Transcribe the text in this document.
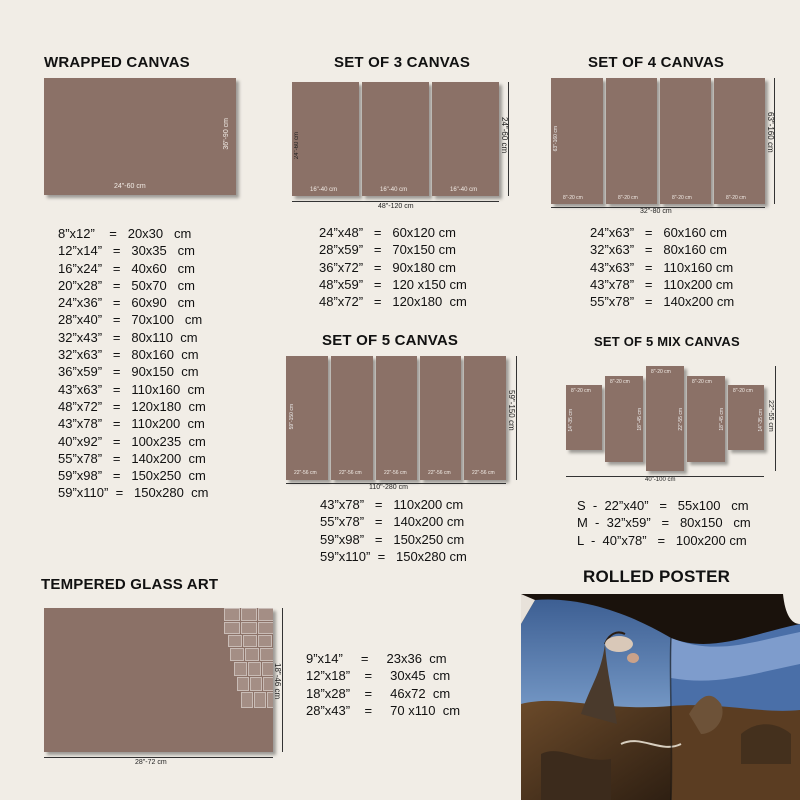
WRAPPED CANVAS
24"-60 cm
36"-90 cm
8”x12”    =   20x30   cm
12”x14”   =   30x35   cm
16”x24”   =   40x60   cm
20”x28”   =   50x70   cm
24”x36”   =   60x90   cm
28”x40”   =   70x100   cm
32”x43”   =   80x110  cm
32”x63”   =   80x160  cm
36”x59”   =   90x150  cm
43”x63”   =   110x160  cm
48”x72”   =   120x180  cm
43”x78”   =   110x200  cm
40”x92”   =   100x235  cm
55”x78”   =   140x200  cm
59”x98”   =   150x250  cm
59”x110”  =   150x280  cm
SET OF 3 CANVAS
24"-60 cm
16"-40 cm	16"-40 cm	16"-40 cm
48"-120 cm
24"-60 cm
24”x48”   =   60x120 cm
28”x59”   =   70x150 cm
36”x72”   =   90x180 cm
48”x59”   =   120 x150 cm
48”x72”   =   120x180  cm
SET OF 4 CANVAS
63"-160 cm
8"-20 cm	8"-20 cm	8"-20 cm	8"-20 cm
32"-80 cm
63"-160 cm
24”x63”   =   60x160 cm
32”x63”   =   80x160 cm
43”x63”   =   110x160 cm
43”x78”   =   110x200 cm
55”x78”   =   140x200 cm
SET OF 5 CANVAS
59"-150 cm
22"-56 cm	22"-56 cm	22"-56 cm	22"-56 cm	22"-56 cm
110"-280 cm
59"-150 cm
43”x78”   =   110x200 cm
55”x78”   =   140x200 cm
59”x98”   =   150x250 cm
59”x110”  =   150x280 cm
SET OF 5 MIX CANVAS
8"-20 cm
14"-35 cm
8"-20 cm
18"-45 cm
8"-20 cm
22"-55 cm
8"-20 cm
18"-45 cm
8"-20 cm
14"-35 cm
40"-100 cm
22"-55 cm
S  -  22”x40”   =   55x100   cm
M  -  32”x59”   =   80x150   cm
L  -  40”x78”   =   100x200 cm
TEMPERED GLASS ART
28"-72 cm
18"-46 cm
9”x14”     =     23x36  cm
12”x18”    =     30x45  cm
18”x28”    =     46x72  cm
28”x43”    =     70 x110  cm
ROLLED POSTER
